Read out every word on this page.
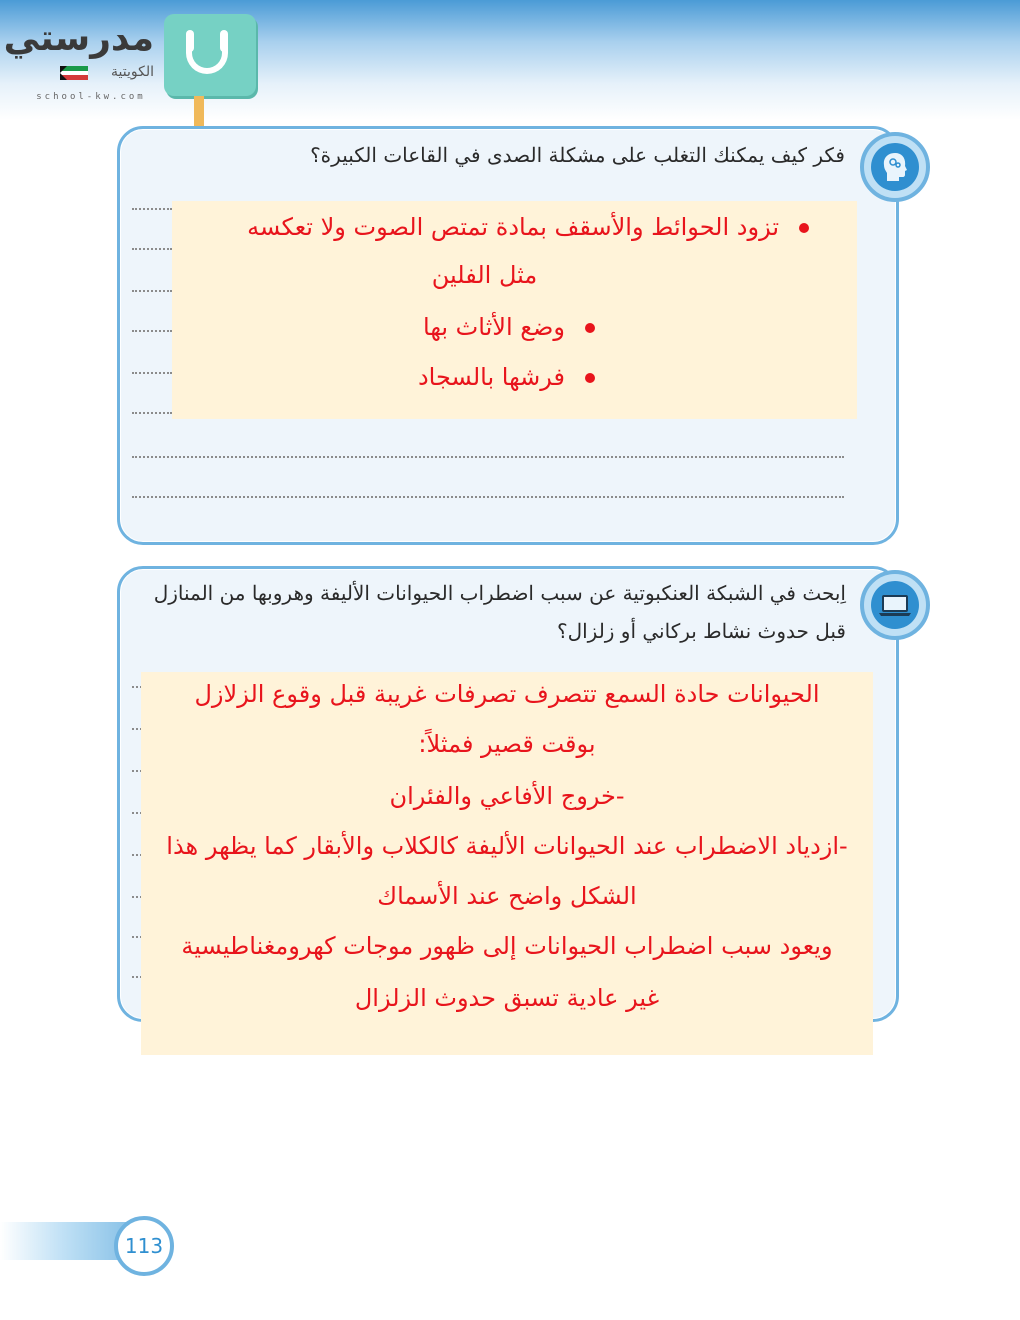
مدرستي
الكويتية
school-kw.com
فكر كيف يمكنك التغلب على مشكلة الصدى في القاعات الكبيرة؟
تزود الحوائط والأسقف بمادة تمتص الصوت ولا تعكسه
مثل الفلين
وضع الأثاث بها
فرشها بالسجاد
اِبحث في الشبكة العنكبوتية عن سبب اضطراب الحيوانات الأليفة وهروبها من المنازل
قبل حدوث نشاط بركاني أو زلزال؟
الحيوانات حادة السمع تتصرف تصرفات غريبة قبل وقوع الزلازل
بوقت قصير فمثلاً:
-خروج الأفاعي والفئران
-ازدياد الاضطراب عند الحيوانات الأليفة كالكلاب والأبقار كما يظهر هذا
الشكل واضح عند الأسماك
ويعود سبب اضطراب الحيوانات إلى ظهور موجات كهرومغناطيسية
غير عادية تسبق حدوث الزلزال
113
